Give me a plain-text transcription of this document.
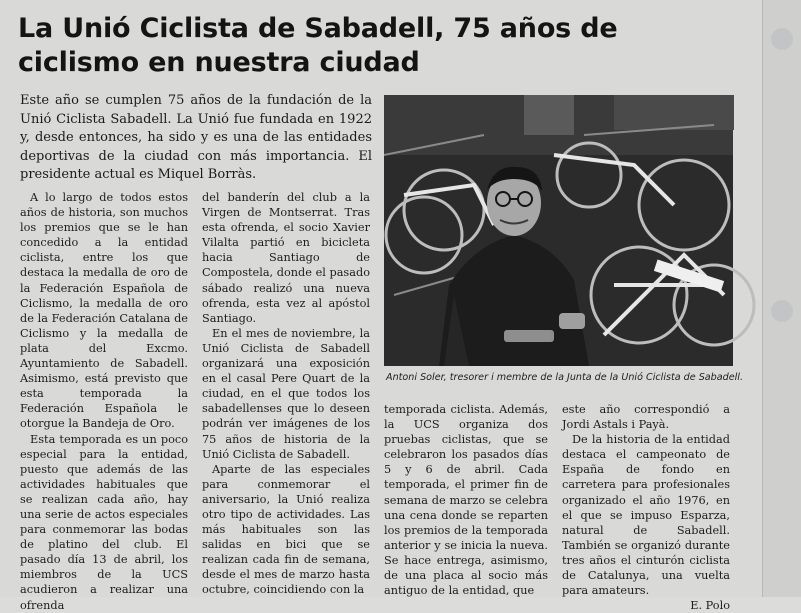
La Unió Ciclista de Sabadell, 75 años de ciclismo en nuestra ciudad

Este año se cumplen 75 años de la fundación de la Unió Ciclista Sabadell. La Unió fue fundada en 1922 y, desde entonces, ha sido y es una de las entidades deportivas de la ciudad con más importancia. El presidente actual es Miquel Borràs.

A lo largo de todos estos años de historia, son muchos los premios que se le han concedido a la entidad ciclista, entre los que destaca la medalla de oro de la Federación Española de Ciclismo, la medalla de oro de la Federación Catalana de Ciclismo y la medalla de plata del Excmo. Ayuntamiento de Sabadell. Asimismo, está previsto que esta temporada la Federación Española le otorgue la Bandeja de Oro.

Esta temporada es un poco especial para la entidad, puesto que además de las actividades habituales que se realizan cada año, hay una serie de actos especiales para conmemorar las bodas de platino del club. El pasado día 13 de abril, los miembros de la UCS acudieron a realizar una ofrenda

del banderín del club a la Virgen de Montserrat. Tras esta ofrenda, el socio Xavier Vilalta partió en bicicleta hacia Santiago de Compostela, donde el pasado sábado realizó una nueva ofrenda, esta vez al apóstol Santiago.

En el mes de noviembre, la Unió Ciclista de Sabadell organizará una exposición en el casal Pere Quart de la ciudad, en el que todos los sabadellenses que lo deseen podrán ver imágenes de los 75 años de historia de la Unió Ciclista de Sabadell.

Aparte de las especiales para conmemorar el aniversario, la Unió realiza otro tipo de actividades. Las más habituales son las salidas en bici que se realizan cada fin de semana, desde el mes de marzo hasta octubre, coincidiendo con la

Antoni Soler, tresorer i membre de la Junta de la Unió Ciclista de Sabadell.

temporada ciclista. Además, la UCS organiza dos pruebas ciclistas, que se celebraron los pasados días 5 y 6 de abril. Cada temporada, el primer fin de semana de marzo se celebra una cena donde se reparten los premios de la temporada anterior y se inicia la nueva. Se hace entrega, asimismo, de una placa al socio más antiguo de la entidad, que

este año correspondió a Jordi Astals i Payà.

De la historia de la entidad destaca el campeonato de España de fondo en carretera para profesionales organizado el año 1976, en el que se impuso Esparza, natural de Sabadell. También se organizó durante tres años el cinturón ciclista de Catalunya, una vuelta para amateurs.

E. Polo
